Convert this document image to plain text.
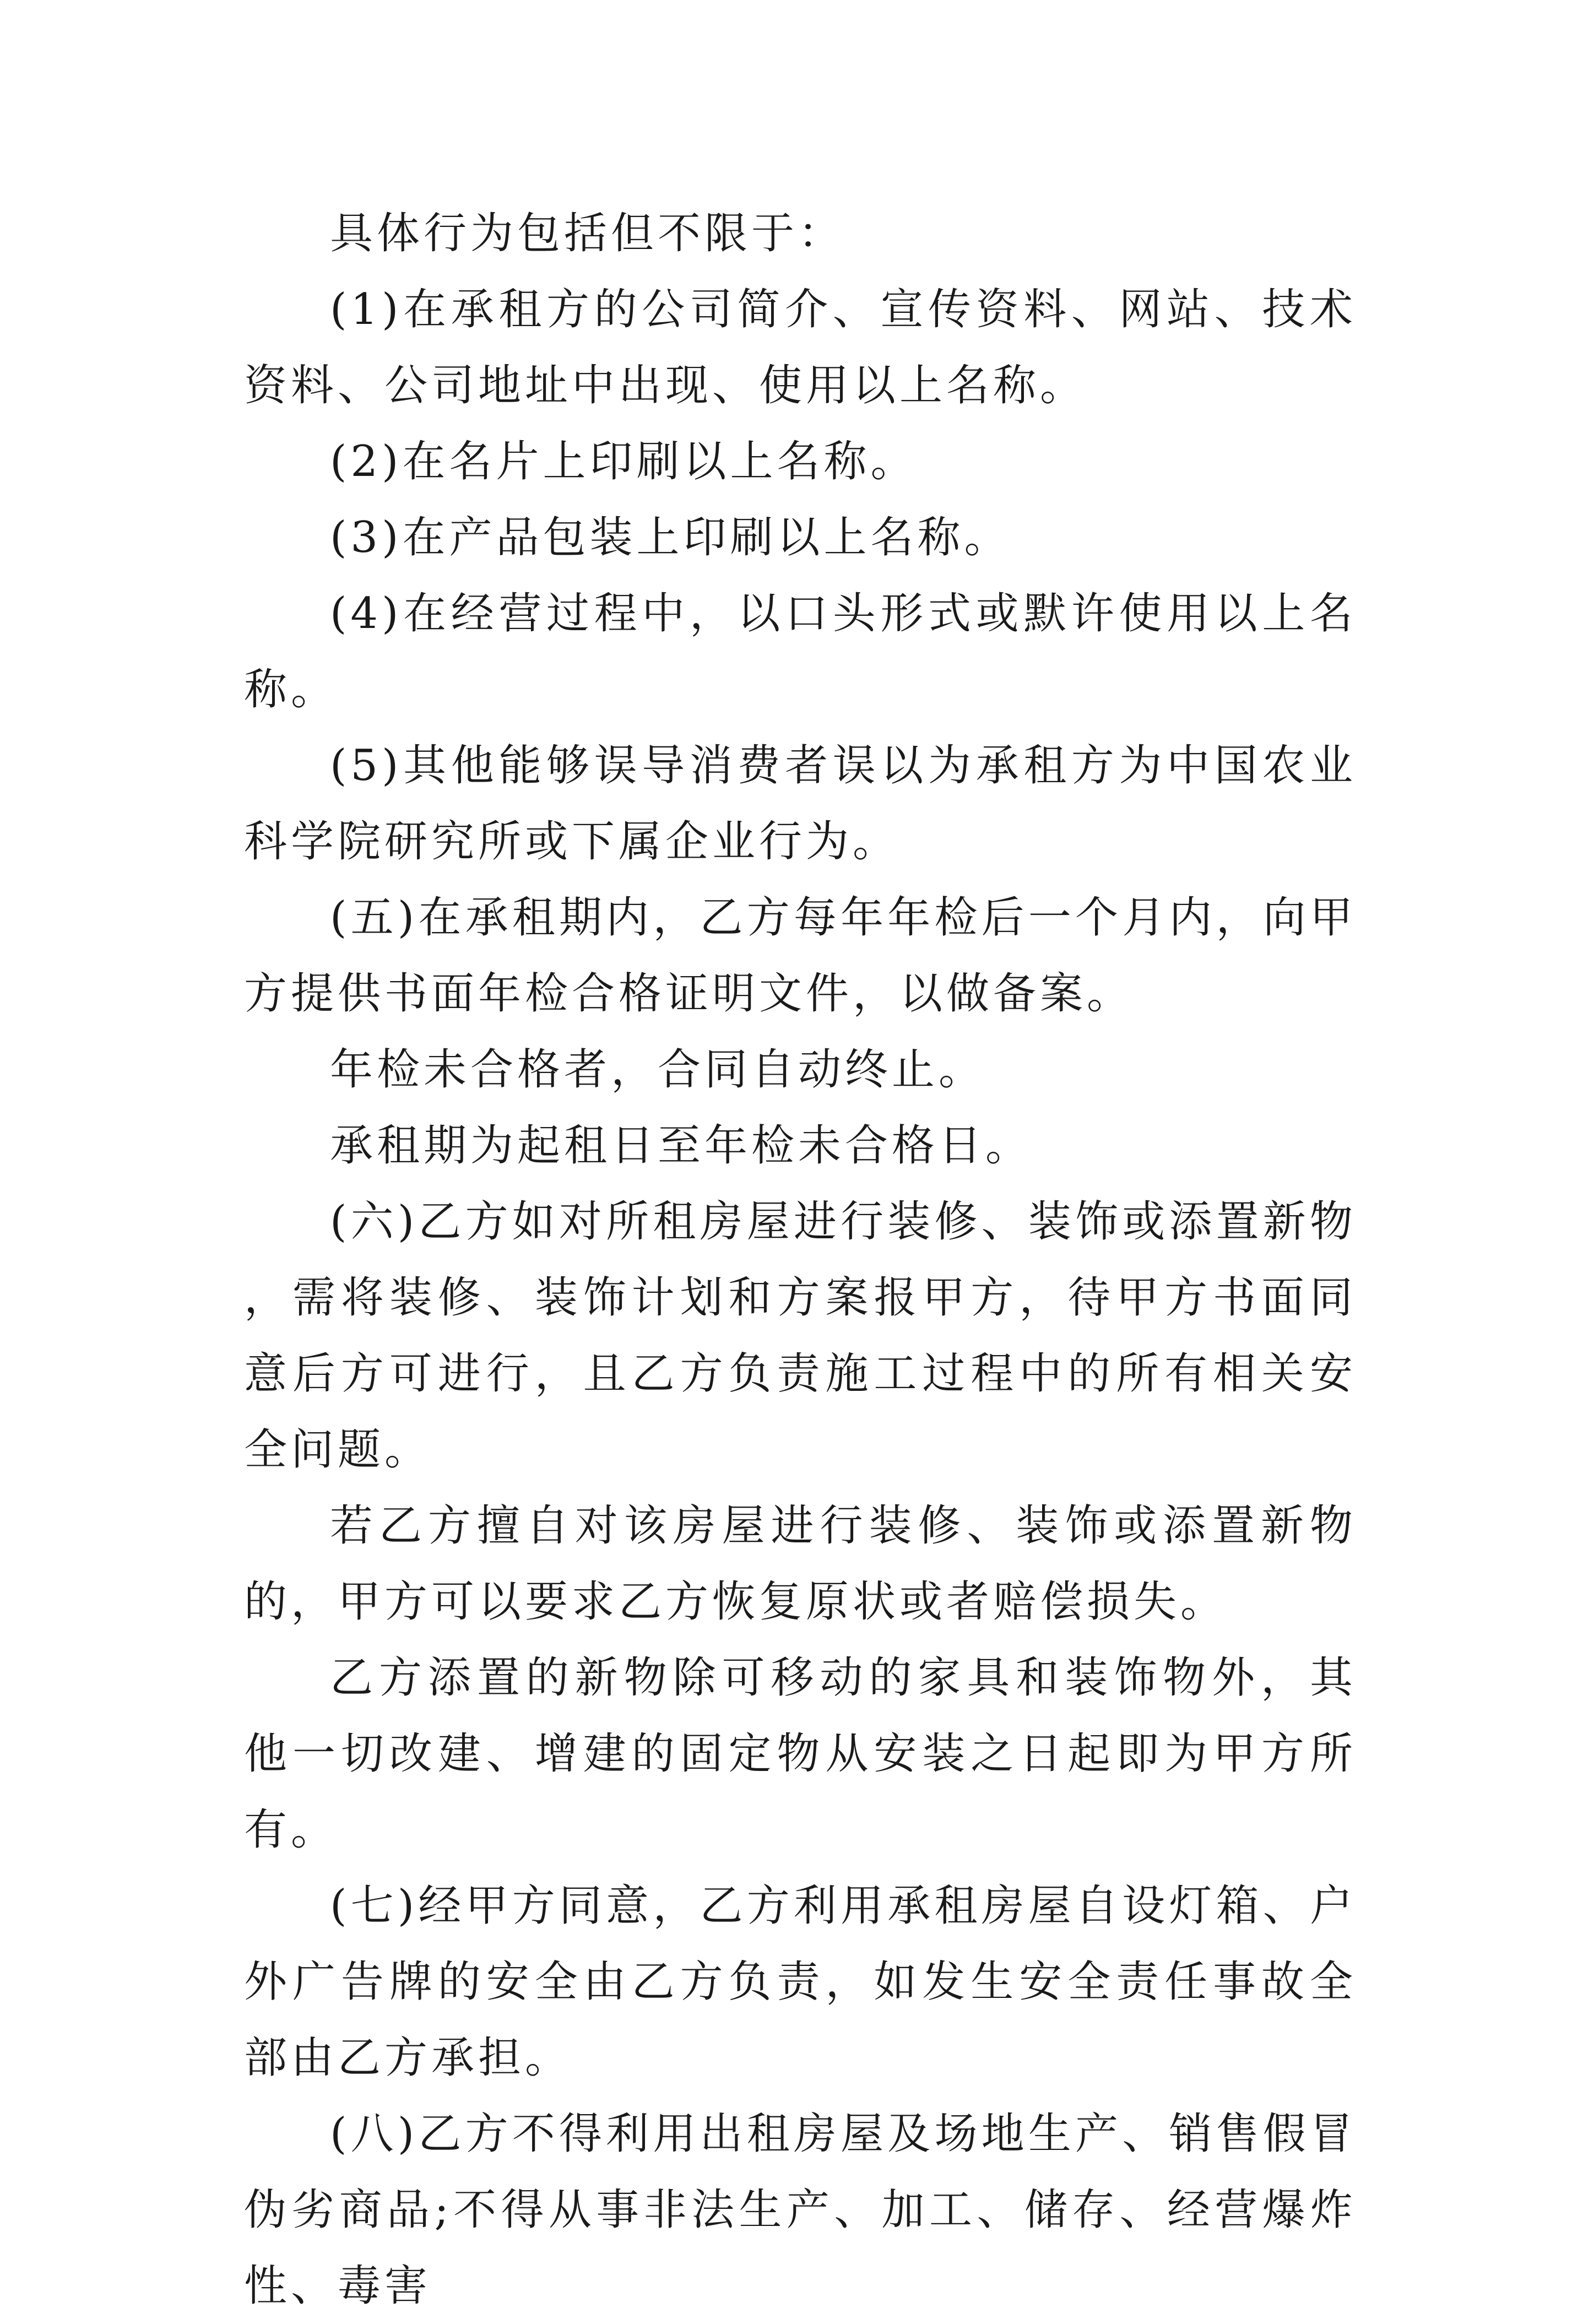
具体行为包括但不限于：

(1)在承租方的公司简介、宣传资料、网站、技术资料、公司地址中出现、使用以上名称。

(2)在名片上印刷以上名称。

(3)在产品包装上印刷以上名称。

(4)在经营过程中，以口头形式或默许使用以上名称。

(5)其他能够误导消费者误以为承租方为中国农业科学院研究所或下属企业行为。

(五)在承租期内，乙方每年年检后一个月内，向甲方提供书面年检合格证明文件，以做备案。

年检未合格者，合同自动终止。

承租期为起租日至年检未合格日。

(六)乙方如对所租房屋进行装修、装饰或添置新物，需将装修、装饰计划和方案报甲方，待甲方书面同意后方可进行，且乙方负责施工过程中的所有相关安全问题。

若乙方擅自对该房屋进行装修、装饰或添置新物的，甲方可以要求乙方恢复原状或者赔偿损失。

乙方添置的新物除可移动的家具和装饰物外，其他一切改建、增建的固定物从安装之日起即为甲方所有。

(七)经甲方同意，乙方利用承租房屋自设灯箱、户外广告牌的安全由乙方负责，如发生安全责任事故全部由乙方承担。

(八)乙方不得利用出租房屋及场地生产、销售假冒伪劣商品;不得从事非法生产、加工、储存、经营爆炸性、毒害
